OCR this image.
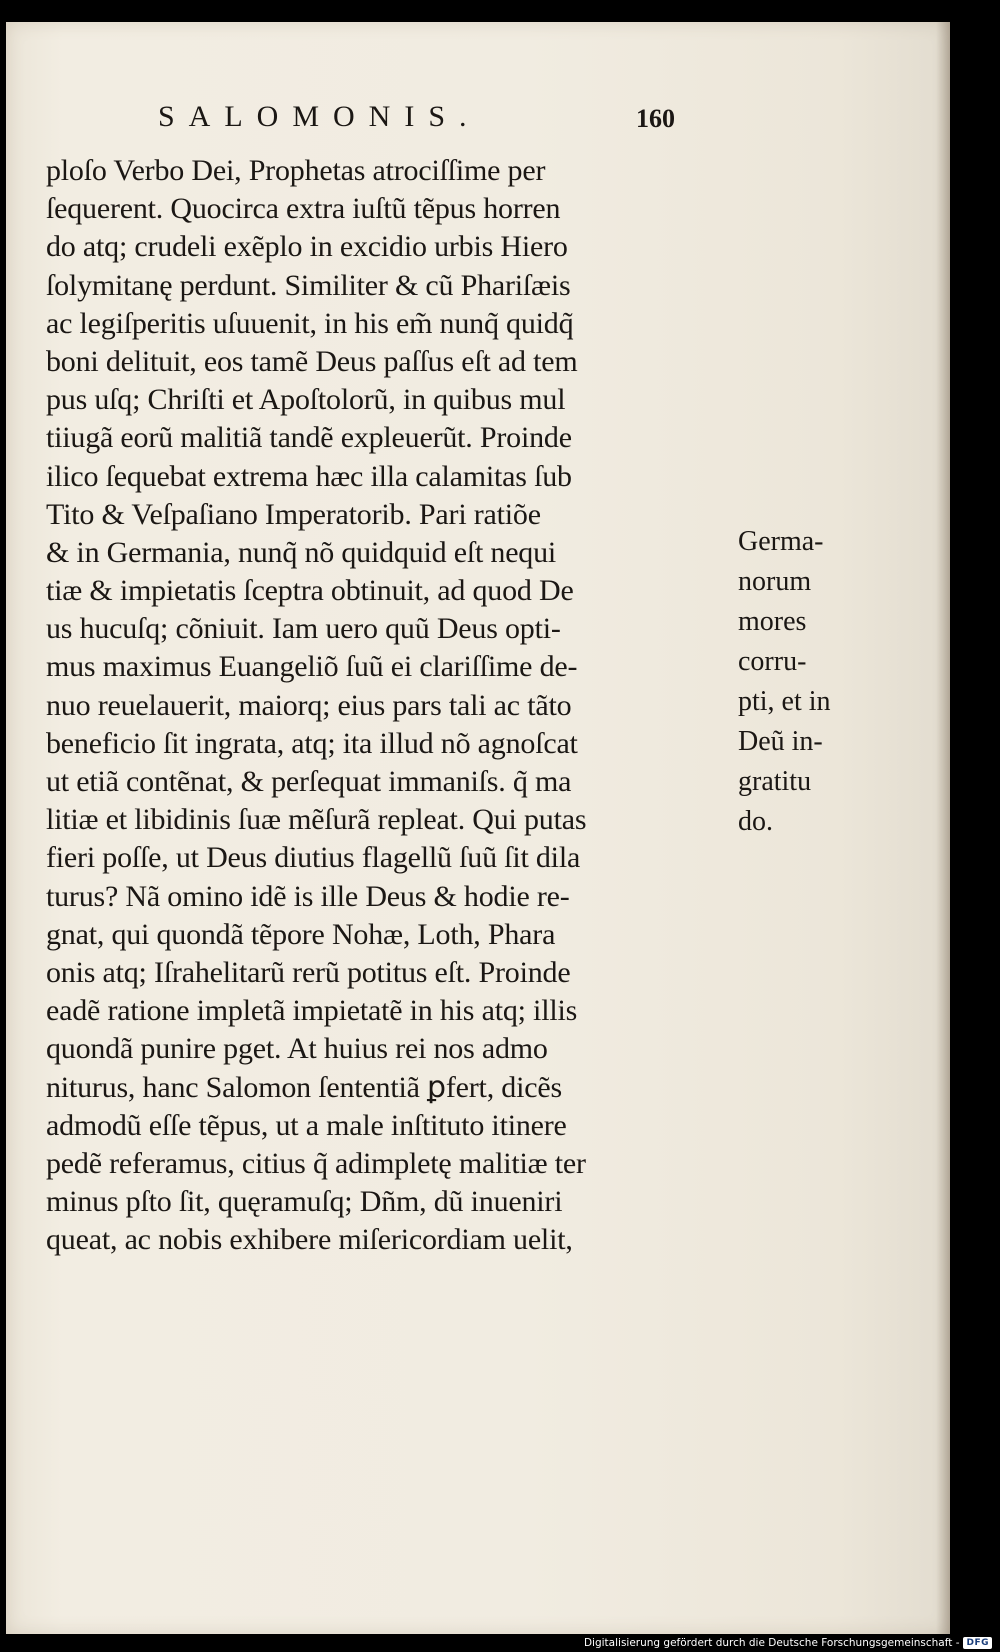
SALOMONIS.	160
ploſo Verbo Dei, Prophetas atrociſſime per
ſequerent. Quocirca extra iuſtũ tẽpus horren
do atq; crudeli exẽplo in excidio urbis Hiero
ſolymitanę perdunt. Similiter & cũ Phariſæis
ac legiſperitis uſuuenit, in his em̃ nunq̃ quidq̃
boni delituit, eos tamẽ Deus paſſus eſt ad tem
pus uſq; Chriſti et Apoſtolorũ, in quibus mul
tiiugã eorũ malitiã tandẽ expleuerũt. Proinde
ilico ſequebat extrema hæc illa calamitas ſub
Tito & Veſpaſiano Imperatorib. Pari ratiõe
& in Germania, nunq̃ nõ quidquid eſt nequi
tiæ & impietatis ſceptra obtinuit, ad quod De
us hucuſq; cõniuit. Iam uero quũ Deus opti-
mus maximus Euangeliõ ſuũ ei clariſſime de-
nuo reuelauerit, maiorq; eius pars tali ac tãto
beneficio ſit ingrata, atq; ita illud nõ agnoſcat
ut etiã contẽnat, & perſequat immaniſs. q̃ ma
litiæ et libidinis ſuæ mẽſurã repleat. Qui putas
fieri poſſe, ut Deus diutius flagellũ ſuũ ſit dila
turus? Nã omino idẽ is ille Deus & hodie re-
gnat, qui quondã tẽpore Nohæ, Loth, Phara
onis atq; Iſrahelitarũ rerũ potitus eſt. Proinde
eadẽ ratione impletã impietatẽ in his atq; illis
quondã punire pget. At huius rei nos admo
niturus, hanc Salomon ſententiã ꝑfert, dicẽs
admodũ eſſe tẽpus, ut a male inſtituto itinere
pedẽ referamus, citius q̃ adimpletę malitiæ ter
minus pſto ſit, quęramuſq; Dñm, dũ inueniri
queat, ac nobis exhibere miſericordiam uelit,
Germa-
norum
mores
corru-
pti, et in
Deũ in-
gratitu
do.
Digitalisierung gefördert durch die Deutsche Forschungsgemeinschaft - DFG
